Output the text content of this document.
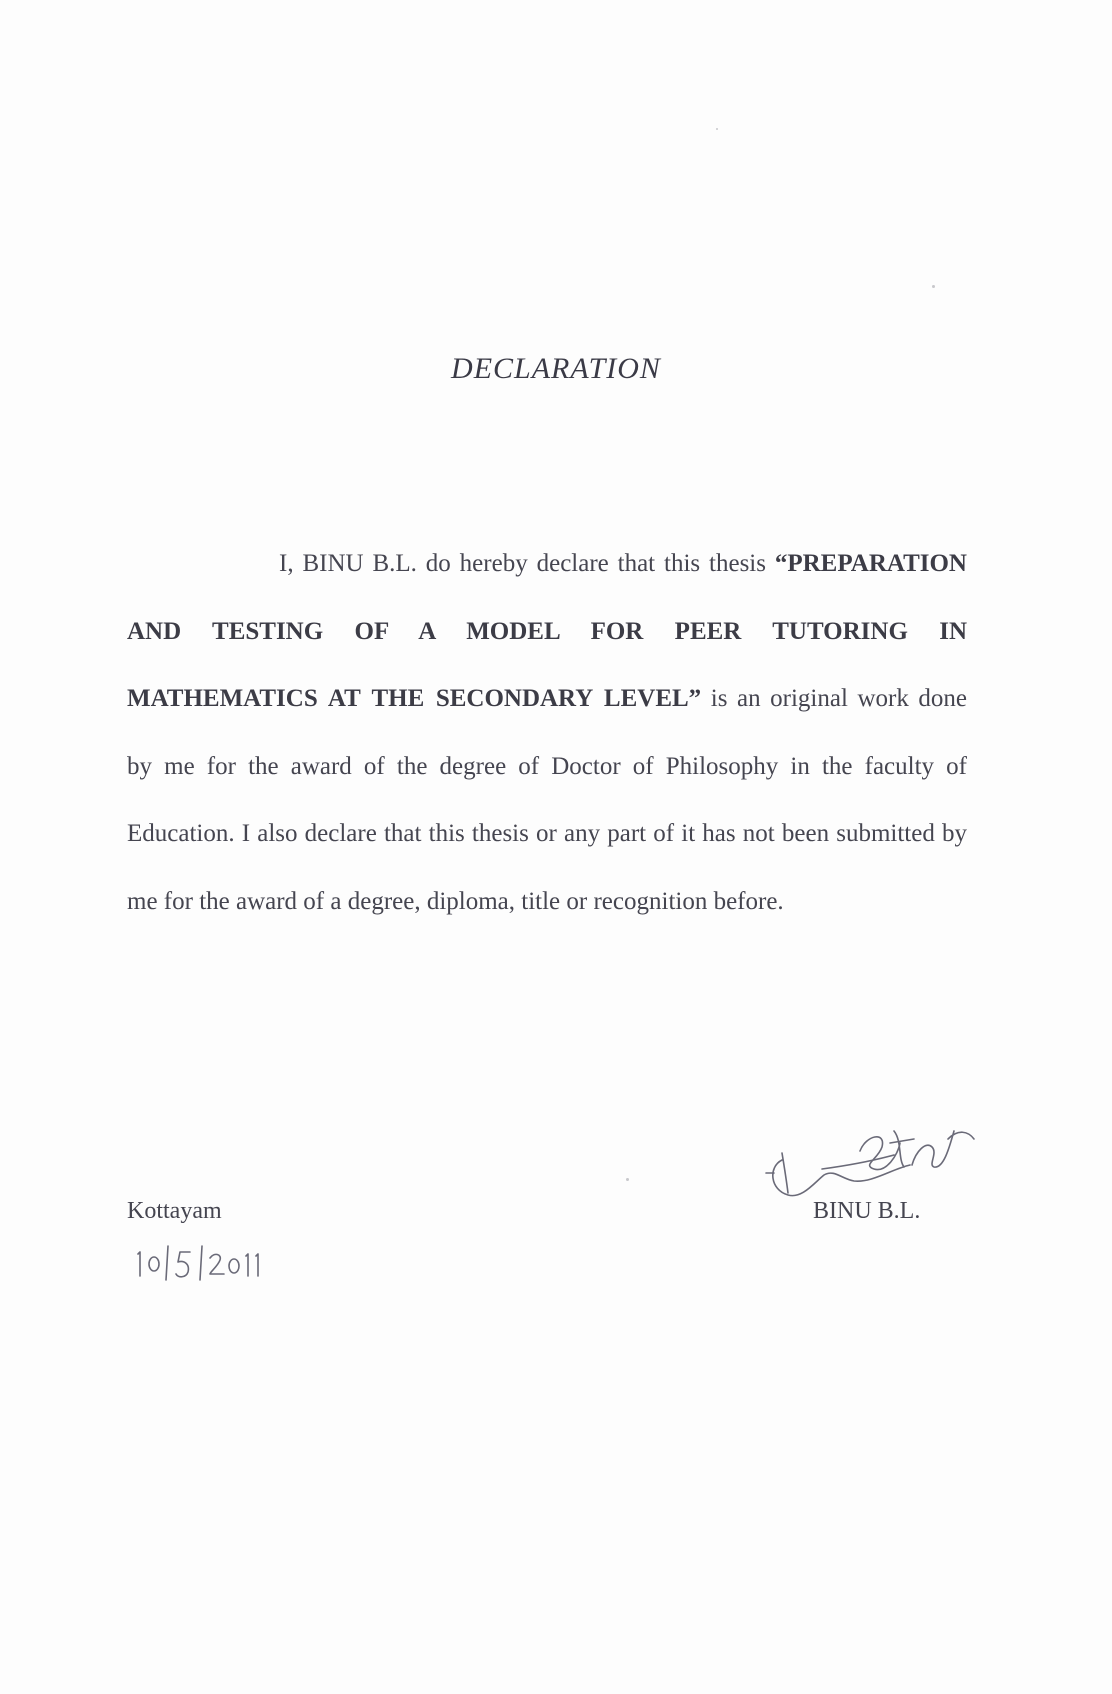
DECLARATION
I, BINU B.L. do hereby declare that this thesis “PREPARATION AND TESTING OF A MODEL FOR PEER TUTORING IN MATHEMATICS AT THE SECONDARY LEVEL” is an original work done by me for the award of the degree of Doctor of Philosophy in the faculty of Education. I also declare that this thesis or any part of it has not been submitted by me for the award of a degree, diploma, title or recognition before.
BINU B.L.
Kottayam
